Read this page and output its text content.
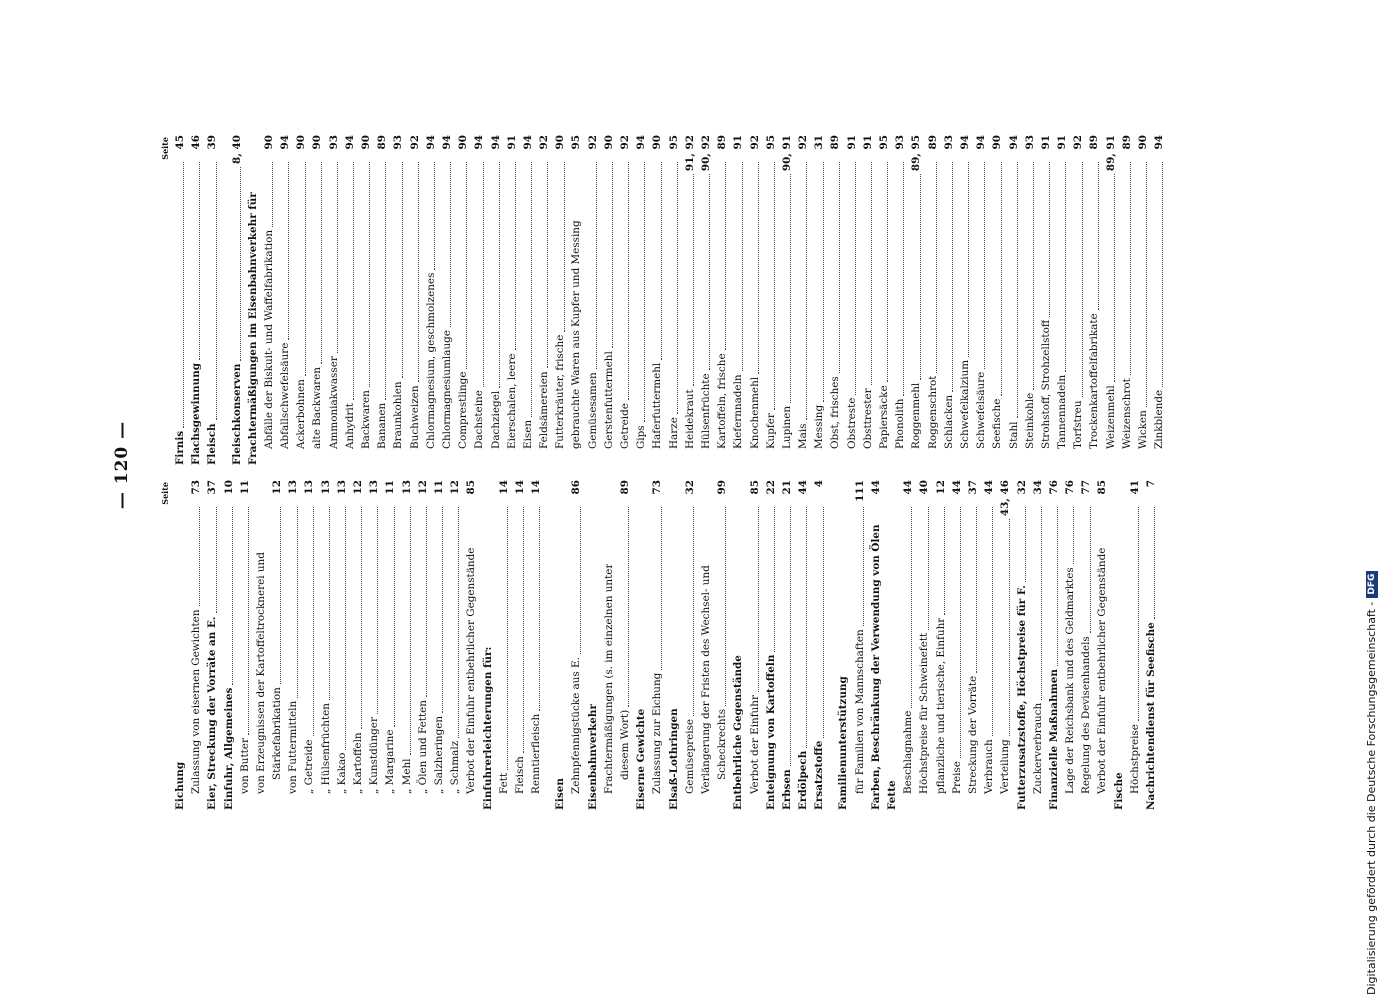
— 120 —	Seite
Eichung Zulassung von eisernen Gewichten
73
Eier, Streckung der Vorräte an E.
37
Einfuhr, Allgemeines
10
von Butter
11
von Erzeugnissen der Kartoffeltrocknerei und Stärkefabrikation
12
von Futtermitteln
13
„ Getreide
13
„ Hülsenfrüchten
13
„ Kakao
13
„ Kartoffeln
12
„ Kunstdünger
13
„ Margarine
11
„ Mehl
13
„ Ölen und Fetten
12
„ Salzheringen
11
„ Schmalz
12
Verbot der Einfuhr entbehrlicher Gegenstände
85
Einfuhrerleichterungen für: Fett
14
Fleisch
14
Renntierfleisch
14
Eisen
Zehnpfennigstücke aus E.
86
Eisenbahnverkehr Frachtermäßigungen (s. im einzelnen unter diesem Wort)
89
Eiserne Gewichte Zulassung zur Eichung
73
Elsaß-Lothringen Gemüsepreise
32
Verlängerung der Fristen des Wechsel- und Scheckrechts
99
Entbehrliche Gegenstände Verbot der Einfuhr
85
Enteignung von Kartoffeln
22
Erbsen
21
Erdölpech
44
Ersatzstoffe
4
Familienunterstützung für Familien von Mannschaften
111
Farben, Beschränkung der Verwendung von Ölen
44
Fette
Beschlagnahme
44
Höchstpreise für Schweinefett
40
pflanzliche und tierische, Einfuhr
12
Preise
44
Streckung der Vorräte
37
Verbrauch
44
Verteilung
43, 46
Futterzusatzstoffe, Höchstpreise für F.
32
Zuckerverbrauch
34
Finanzielle Maßnahmen
76
Lage der Reichsbank und des Geldmarktes
76
Regelung des Devisenhandels
77
Verbot der Einfuhr entbehrlicher Gegenstände
85
Fische Höchstpreise
41
Nachrichtendienst für Seefische
7
Seite
Firnis
45
Flachsgewinnung
46
Fleisch
39
Fleischkonserven
8, 40
Frachtermäßigungen im Eisenbahnverkehr für Abfälle der Biskuit- und Waffelfabrikation
90
Abfallschwefelsäure
94
Ackerbohnen
90
alte Backwaren
90
Ammoniakwasser
93
Anhydrit
94
Backwaren
90
Bananen
89
Braunkohlen
93
Buchweizen
92
Chlormagnesium, geschmolzenes
94
Chlormagnesiumlauge
94
Comprestlinge
90
Dachsteine
94
Dachziegel
94
Eierschalen, leere
91
Eisen
94
Feldsämereien
92
Futterkräuter, frische
90
gebrauchte Waren aus Kupfer und Messing
95
Gemüsesamen
92
Gerstenfuttermehl
90
Getreide
92
Gips
94
Haferfuttermehl
90
Harze
95
Heidekraut
91, 92
Hülsenfrüchte
90, 92
Kartoffeln, frische
89
Kiefernnadeln
91
Knochenmehl
92
Kupfer
95
Lupinen
90, 91
Mais
92
Messing
31
Obst, frisches
89
Obstreste
91
Obsttrester
91
Papiersäcke
95
Phonolith
93
Roggenmehl
89, 95
Roggenschrot
89
Schlacken
93
Schwefelkalzium
94
Schwefelsäure
94
Seefische
90
Stahl
94
Steinkohle
93
Strohstoff, Strohzellstoff
91
Tannennadeln
91
Torfstreu
92
Trockenkartoffelfabrikate
89
Weizenmehl
89, 91
Weizenschrot
89
Wicken
90
Zinkblende
94
Digitalisierung gefördert durch die Deutsche Forschungsgemeinschaft -
DFG
